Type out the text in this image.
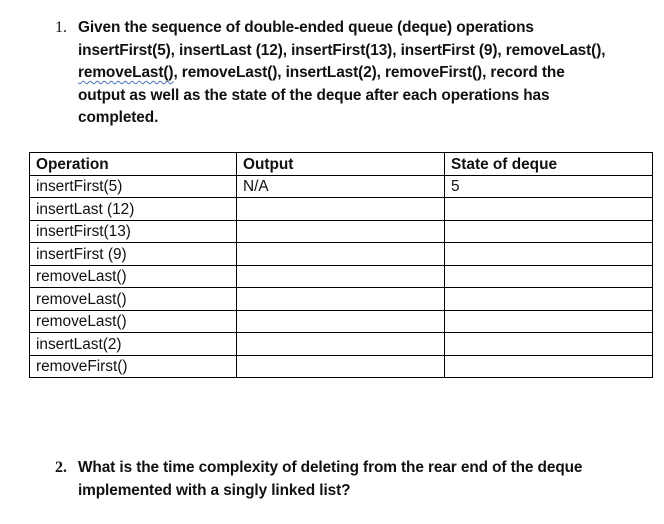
1. Given the sequence of double-ended queue (deque) operations
insertFirst(5), insertLast (12), insertFirst(13), insertFirst (9), removeLast(),
removeLast(), removeLast(), insertLast(2), removeFirst(), record the
output as well as the state of the deque after each operations has
completed.
Operation	Output	State of deque
insertFirst(5)	N/A	5
insertLast (12)		
insertFirst(13)		
insertFirst (9)		
removeLast()		
removeLast()		
removeLast()		
insertLast(2)		
removeFirst()		
2. What is the time complexity of deleting from the rear end of the deque
implemented with a singly linked list?
